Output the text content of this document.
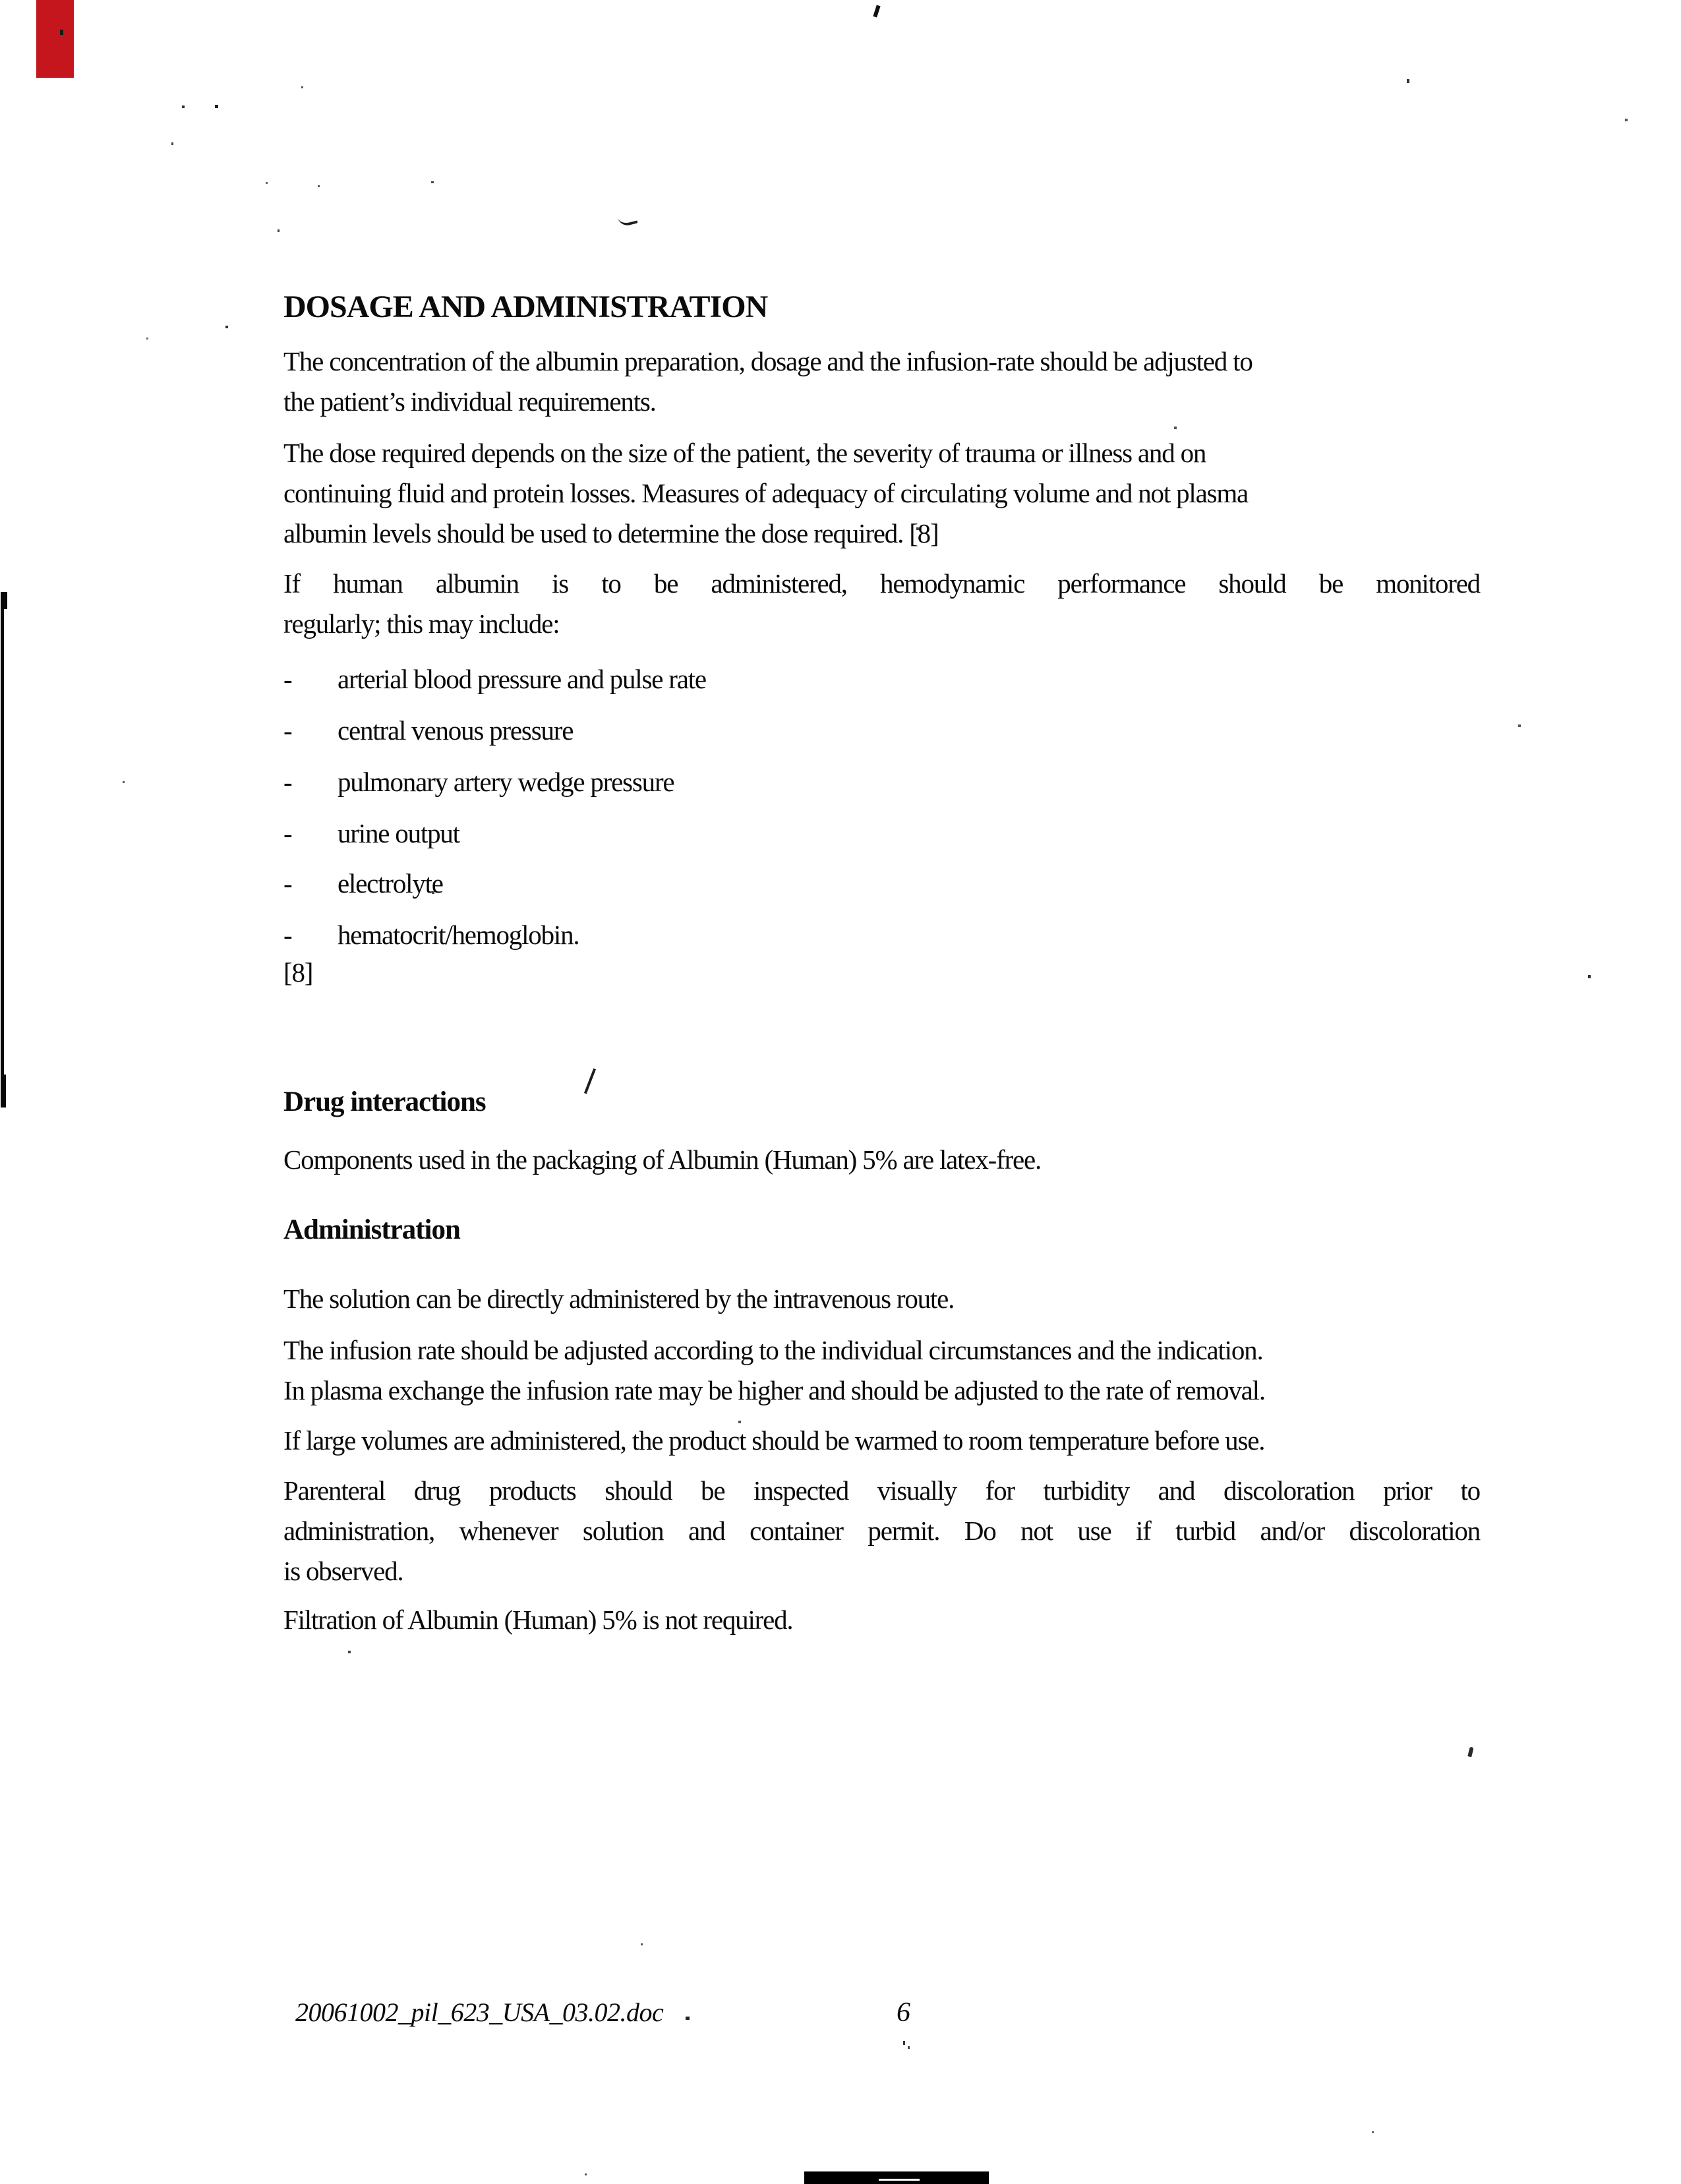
DOSAGE AND ADMINISTRATION
The concentration of the albumin preparation, dosage and the infusion-rate should be adjusted to
the patient’s individual requirements.
The dose required depends on the size of the patient, the severity of trauma or illness and on
continuing fluid and protein losses. Measures of adequacy of circulating volume and not plasma
albumin levels should be used to determine the dose required. [8]
If human albumin is to be administered, hemodynamic performance should be monitored
regularly; this may include:
- arterial blood pressure and pulse rate
- central venous pressure
- pulmonary artery wedge pressure
- urine output
- electrolyte
- hematocrit/hemoglobin.
[8]
Drug interactions
Components used in the packaging of Albumin (Human) 5% are latex-free.
Administration
The solution can be directly administered by the intravenous route.
The infusion rate should be adjusted according to the individual circumstances and the indication.
In plasma exchange the infusion rate may be higher and should be adjusted to the rate of removal.
If large volumes are administered, the product should be warmed to room temperature before use.
Parenteral drug products should be inspected visually for turbidity and discoloration prior to
administration, whenever solution and container permit. Do not use if turbid and/or discoloration
is observed.
Filtration of Albumin (Human) 5% is not required.
20061002_pil_623_USA_03.02.doc	6
